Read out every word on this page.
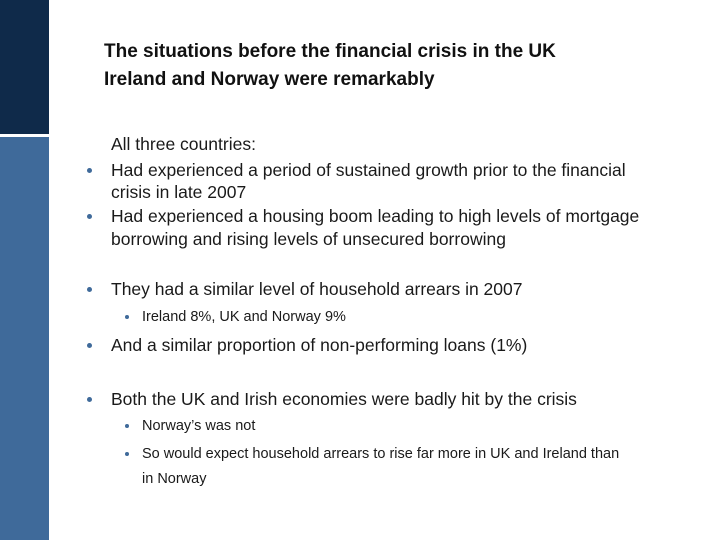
The situations before the financial crisis in the UK
Ireland and Norway were remarkably
All three countries:
Had experienced a period of sustained growth prior to the financial
crisis in late 2007
Had experienced a housing boom leading to high levels of mortgage
borrowing and rising levels of unsecured borrowing
They had a similar level of household arrears in 2007
Ireland 8%, UK and Norway 9%
And a similar proportion of non-performing loans (1%)
Both the UK and Irish economies were badly hit by the crisis
Norway’s was not
So would expect household arrears to rise far more in UK and Ireland than
in Norway
